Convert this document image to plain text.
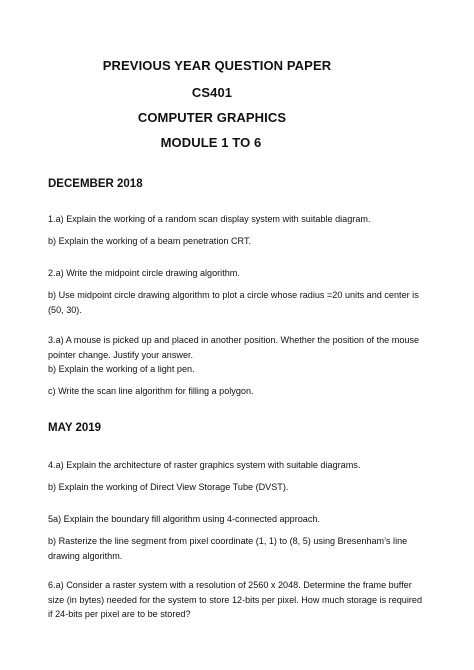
PREVIOUS YEAR QUESTION PAPER
CS401
COMPUTER GRAPHICS
MODULE 1 TO 6
DECEMBER 2018
1.a) Explain the working of a random scan display system with suitable diagram.
b) Explain the working of a beam penetration CRT.
2.a) Write the midpoint circle drawing algorithm.
b) Use midpoint circle drawing algorithm to plot a circle whose radius =20 units and center is (50, 30).
3.a) A mouse is picked up and placed in another position. Whether the position of the mouse pointer change. Justify your answer.
b) Explain the working of a light pen.
c) Write the scan line algorithm for filling a polygon.
MAY 2019
4.a) Explain the architecture of raster graphics system with suitable diagrams.
b) Explain the working of Direct View Storage Tube (DVST).
5a) Explain the boundary fill algorithm using 4-connected approach.
b) Rasterize the line segment from pixel coordinate (1, 1) to (8, 5) using Bresenham’s line drawing algorithm.
6.a) Consider a raster system with a resolution of 2560 x 2048. Determine the frame buffer size (in bytes) needed for the system to store 12-bits per pixel. How much storage is required if 24-bits per pixel are to be stored?
